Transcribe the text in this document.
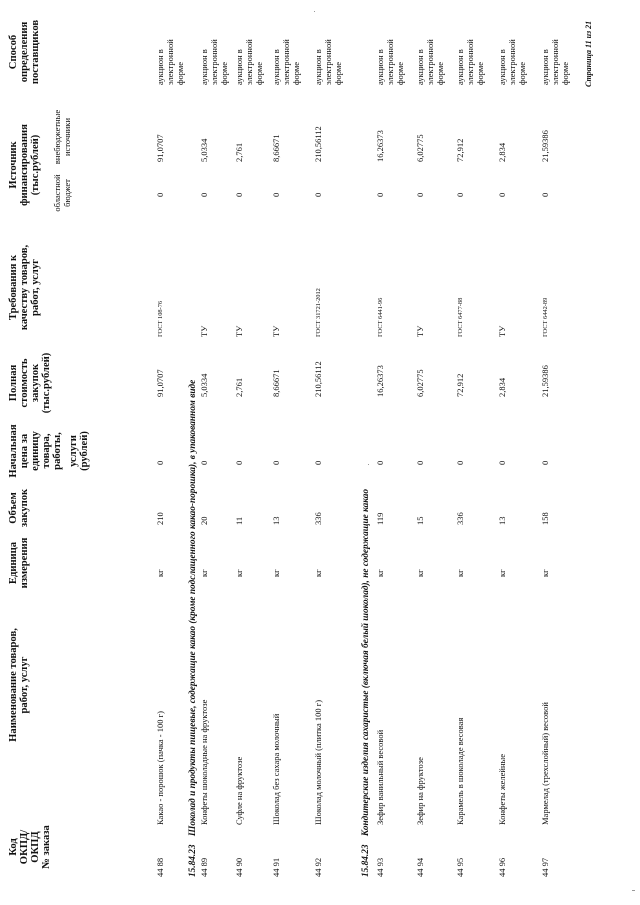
Код ОКПД/ ОКПД № заказа
Наименование товаров, работ, услуг
Единица измерения
Объем закупок
Начальная цена за единицу товара, работы, услуги (рублей)
Полная стоимость закупок (тыс.рублей)
Требования к качеству товаров, работ, услуг
Источник финансирования (тыс.рублей) областной бюджет
внебюджетные источники
Способ определения поставщиков
15.84.23 Шоколад и продукты пищевые, содержащие какао (кроме подслащенного какао-порошка), в упакованном виде
15.84.23 Кондитерские изделия сахаристые (включая белый шоколад), не содержащие какао
44 88
Какао - порошок (пачка - 100 г)
кг
210
0
91,0707
ГОСТ 108-76
0
91,0707
аукцион в электронной форме
44 89
Конфеты шоколадные на фруктозе
кг
20
0
5,0334
ТУ
0
5,0334
аукцион в электронной форме
44 90
Суфле на фруктозе
кг
11
0
2,761
ТУ
0
2,761
аукцион в электронной форме
44 91
Шоколад без сахара молочный
кг
13
0
8,66671
ТУ
0
8,66671
аукцион в электронной форме
44 92
Шоколад молочный (плитка 100 г)
кг
336
0
210,56112
ГОСТ 31721-2012
0
210,56112
аукцион в электронной форме
44 93
Зефир ванильный весовой
кг
119
0
16,26373
ГОСТ 6441-96
0
16,26373
аукцион в электронной форме
44 94
Зефир на фруктозе
кг
15
0
6,02775
ТУ
0
6,02775
аукцион в электронной форме
44 95
Карамель в шоколаде весовая
кг
336
0
72,912
ГОСТ 6477-88
0
72,912
аукцион в электронной форме
44 96
Конфеты желейные
кг
13
0
2,834
ТУ
0
2,834
аукцион в электронной форме
44 97
Мармелад (трехслойный) весовой
кг
158
0
21,59386
ГОСТ 6442-89
0
21,59386
аукцион в электронной форме Страница 11 из 21
